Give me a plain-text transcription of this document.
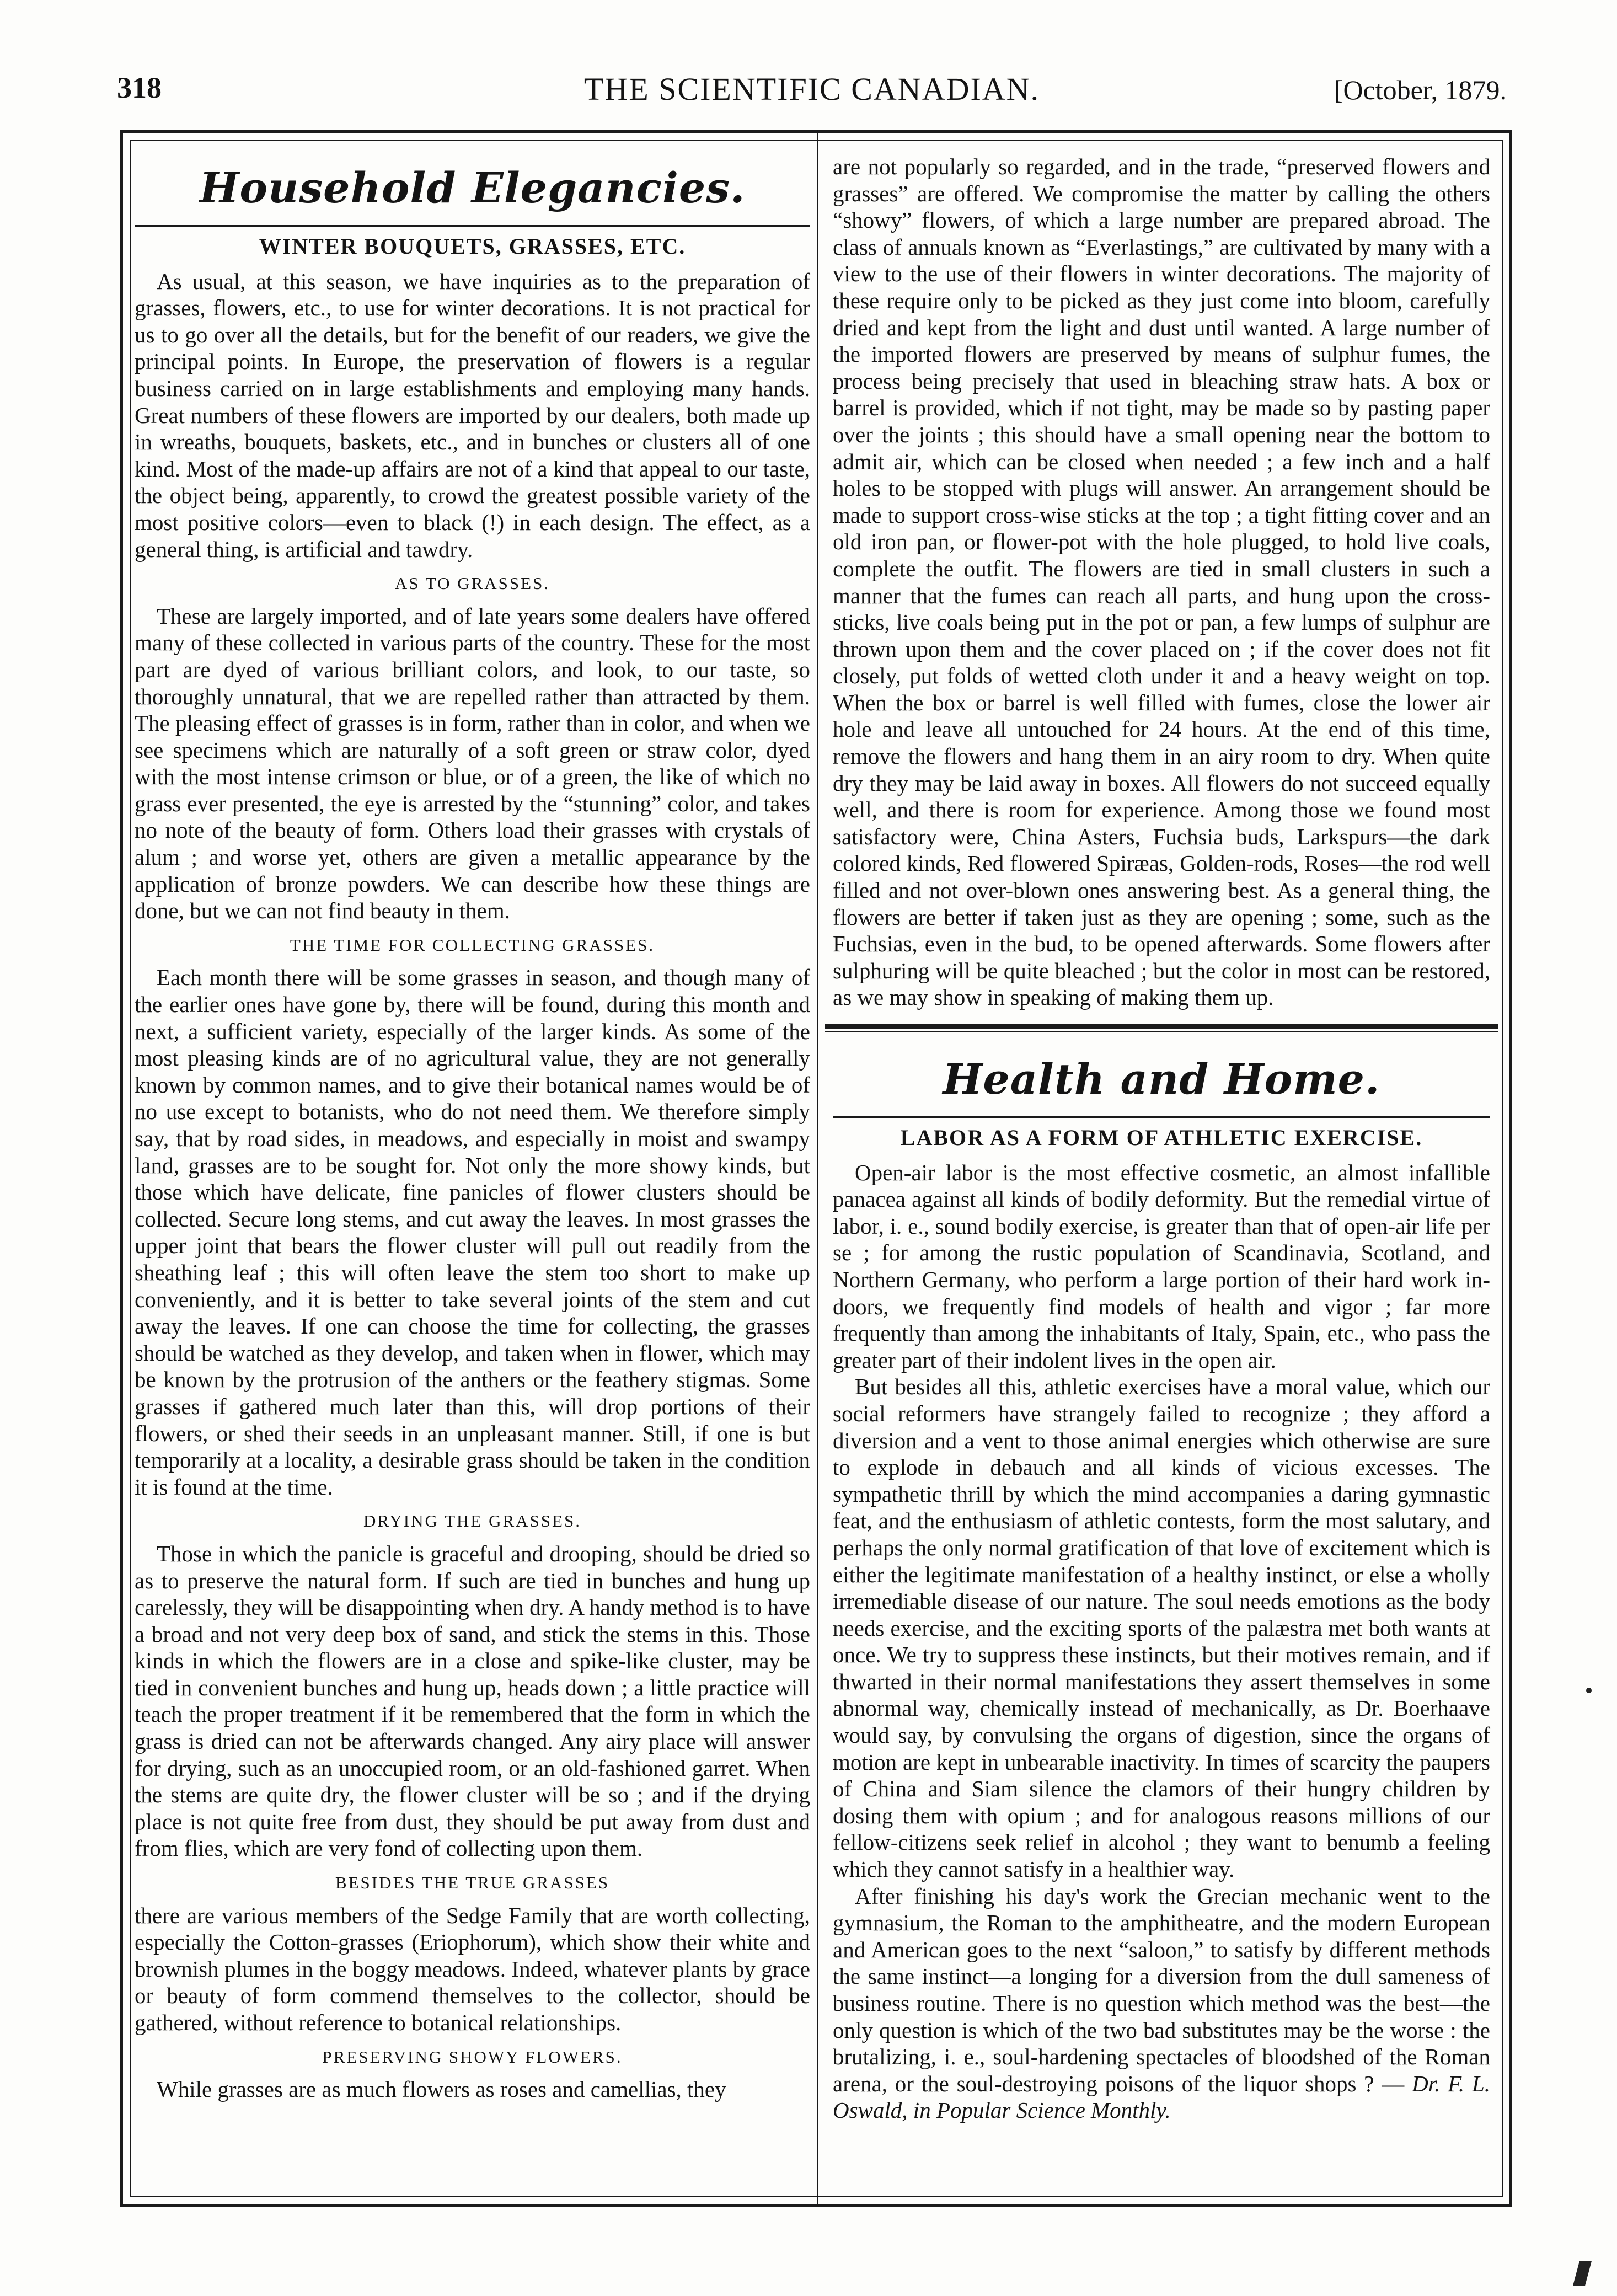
318	THE SCIENTIFIC CANADIAN.	[October, 1879.
Household Elegancies.
WINTER BOUQUETS, GRASSES, ETC.

As usual, at this season, we have inquiries as to the preparation of grasses, flowers, etc., to use for winter decorations. It is not practical for us to go over all the details, but for the benefit of our readers, we give the principal points. In Europe, the preservation of flowers is a regular business carried on in large establishments and employing many hands. Great numbers of these flowers are imported by our dealers, both made up in wreaths, bouquets, baskets, etc., and in bunches or clusters all of one kind. Most of the made-up affairs are not of a kind that appeal to our taste, the object being, apparently, to crowd the greatest possible variety of the most positive colors—even to black (!) in each design. The effect, as a general thing, is artificial and tawdry.

AS TO GRASSES.

These are largely imported, and of late years some dealers have offered many of these collected in various parts of the country. These for the most part are dyed of various brilliant colors, and look, to our taste, so thoroughly unnatural, that we are repelled rather than attracted by them. The pleasing effect of grasses is in form, rather than in color, and when we see specimens which are naturally of a soft green or straw color, dyed with the most intense crimson or blue, or of a green, the like of which no grass ever presented, the eye is arrested by the “stunning” color, and takes no note of the beauty of form. Others load their grasses with crystals of alum ; and worse yet, others are given a metallic appearance by the application of bronze powders. We can describe how these things are done, but we can not find beauty in them.

THE TIME FOR COLLECTING GRASSES.

Each month there will be some grasses in season, and though many of the earlier ones have gone by, there will be found, during this month and next, a sufficient variety, especially of the larger kinds. As some of the most pleasing kinds are of no agricultural value, they are not generally known by common names, and to give their botanical names would be of no use except to botanists, who do not need them. We therefore simply say, that by road sides, in meadows, and especially in moist and swampy land, grasses are to be sought for. Not only the more showy kinds, but those which have delicate, fine panicles of flower clusters should be collected. Secure long stems, and cut away the leaves. In most grasses the upper joint that bears the flower cluster will pull out readily from the sheathing leaf ; this will often leave the stem too short to make up conveniently, and it is better to take several joints of the stem and cut away the leaves. If one can choose the time for collecting, the grasses should be watched as they develop, and taken when in flower, which may be known by the protrusion of the anthers or the feathery stigmas. Some grasses if gathered much later than this, will drop portions of their flowers, or shed their seeds in an unpleasant manner. Still, if one is but temporarily at a locality, a desirable grass should be taken in the condition it is found at the time.

DRYING THE GRASSES.

Those in which the panicle is graceful and drooping, should be dried so as to preserve the natural form. If such are tied in bunches and hung up carelessly, they will be disappointing when dry. A handy method is to have a broad and not very deep box of sand, and stick the stems in this. Those kinds in which the flowers are in a close and spike-like cluster, may be tied in convenient bunches and hung up, heads down ; a little practice will teach the proper treatment if it be remembered that the form in which the grass is dried can not be afterwards changed. Any airy place will answer for drying, such as an unoccupied room, or an old-fashioned garret. When the stems are quite dry, the flower cluster will be so ; and if the drying place is not quite free from dust, they should be put away from dust and from flies, which are very fond of collecting upon them.

BESIDES THE TRUE GRASSES

there are various members of the Sedge Family that are worth collecting, especially the Cotton-grasses (Eriophorum), which show their white and brownish plumes in the boggy meadows. Indeed, whatever plants by grace or beauty of form commend themselves to the collector, should be gathered, without reference to botanical relationships.

PRESERVING SHOWY FLOWERS.

While grasses are as much flowers as roses and camellias, they

are not popularly so regarded, and in the trade, “preserved flowers and grasses” are offered. We compromise the matter by calling the others “showy” flowers, of which a large number are prepared abroad. The class of annuals known as “Everlastings,” are cultivated by many with a view to the use of their flowers in winter decorations. The majority of these require only to be picked as they just come into bloom, carefully dried and kept from the light and dust until wanted. A large number of the imported flowers are preserved by means of sulphur fumes, the process being precisely that used in bleaching straw hats. A box or barrel is provided, which if not tight, may be made so by pasting paper over the joints ; this should have a small opening near the bottom to admit air, which can be closed when needed ; a few inch and a half holes to be stopped with plugs will answer. An arrangement should be made to support cross-wise sticks at the top ; a tight fitting cover and an old iron pan, or flower-pot with the hole plugged, to hold live coals, complete the outfit. The flowers are tied in small clusters in such a manner that the fumes can reach all parts, and hung upon the cross-sticks, live coals being put in the pot or pan, a few lumps of sulphur are thrown upon them and the cover placed on ; if the cover does not fit closely, put folds of wetted cloth under it and a heavy weight on top. When the box or barrel is well filled with fumes, close the lower air hole and leave all untouched for 24 hours. At the end of this time, remove the flowers and hang them in an airy room to dry. When quite dry they may be laid away in boxes. All flowers do not succeed equally well, and there is room for experience. Among those we found most satisfactory were, China Asters, Fuchsia buds, Larkspurs—the dark colored kinds, Red flowered Spiræas, Golden-rods, Roses—the rod well filled and not over-blown ones answering best. As a general thing, the flowers are better if taken just as they are opening ; some, such as the Fuchsias, even in the bud, to be opened afterwards. Some flowers after sulphuring will be quite bleached ; but the color in most can be restored, as we may show in speaking of making them up.

Health and Home.
LABOR AS A FORM OF ATHLETIC EXERCISE.

Open-air labor is the most effective cosmetic, an almost infallible panacea against all kinds of bodily deformity. But the remedial virtue of labor, i. e., sound bodily exercise, is greater than that of open-air life per se ; for among the rustic population of Scandinavia, Scotland, and Northern Germany, who perform a large portion of their hard work in-doors, we frequently find models of health and vigor ; far more frequently than among the inhabitants of Italy, Spain, etc., who pass the greater part of their indolent lives in the open air.

But besides all this, athletic exercises have a moral value, which our social reformers have strangely failed to recognize ; they afford a diversion and a vent to those animal energies which otherwise are sure to explode in debauch and all kinds of vicious excesses. The sympathetic thrill by which the mind accompanies a daring gymnastic feat, and the enthusiasm of athletic contests, form the most salutary, and perhaps the only normal gratification of that love of excitement which is either the legitimate manifestation of a healthy instinct, or else a wholly irremediable disease of our nature. The soul needs emotions as the body needs exercise, and the exciting sports of the palæstra met both wants at once. We try to suppress these instincts, but their motives remain, and if thwarted in their normal manifestations they assert themselves in some abnormal way, chemically instead of mechanically, as Dr. Boerhaave would say, by convulsing the organs of digestion, since the organs of motion are kept in unbearable inactivity. In times of scarcity the paupers of China and Siam silence the clamors of their hungry children by dosing them with opium ; and for analogous reasons millions of our fellow-citizens seek relief in alcohol ; they want to benumb a feeling which they cannot satisfy in a healthier way.

After finishing his day's work the Grecian mechanic went to the gymnasium, the Roman to the amphitheatre, and the modern European and American goes to the next “saloon,” to satisfy by different methods the same instinct—a longing for a diversion from the dull sameness of business routine. There is no question which method was the best—the only question is which of the two bad substitutes may be the worse : the brutalizing, i. e., soul-hardening spectacles of bloodshed of the Roman arena, or the soul-destroying poisons of the liquor shops ? — Dr. F. L. Oswald, in Popular Science Monthly.
